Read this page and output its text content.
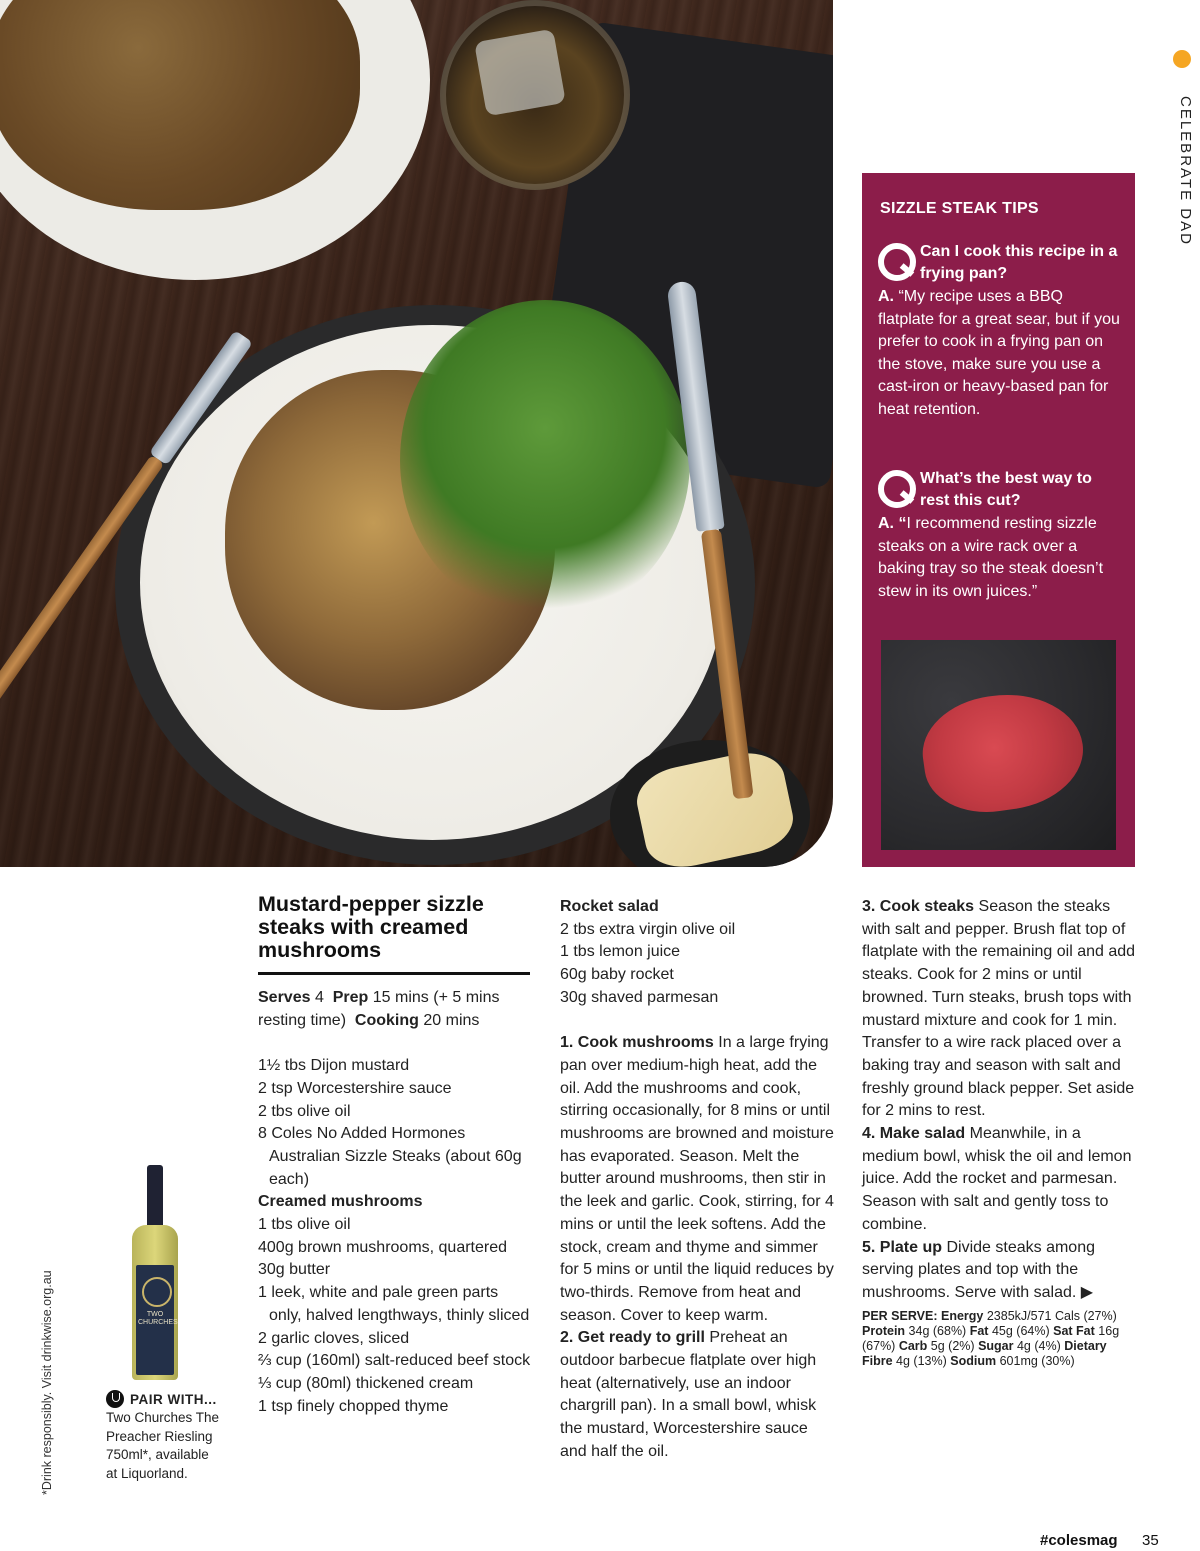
CELEBRATE DAD
*Drink responsibly. Visit drinkwise.org.au
SIZZLE STEAK TIPS
Can I cook this recipe in a frying pan?
A. “My recipe uses a BBQ flatplate for a great sear, but if you prefer to cook in a frying pan on the stove, make sure you use a cast-iron or heavy-based pan for heat retention.
What’s the best way to rest this cut?
A. “I recommend resting sizzle steaks on a wire rack over a baking tray so the steak doesn’t stew in its own juices.”
TWO CHURCHES
PAIR WITH...
Two Churches The
Preacher Riesling
750ml*, available
at Liquorland.
Mustard-pepper sizzle steaks with creamed mushrooms
Serves 4 Prep 15 mins (+ 5 mins resting time) Cooking 20 mins
1½ tbs Dijon mustard
2 tsp Worcestershire sauce
2 tbs olive oil
8 Coles No Added Hormones Australian Sizzle Steaks (about 60g each)
Creamed mushrooms
1 tbs olive oil
400g brown mushrooms, quartered
30g butter
1 leek, white and pale green parts only, halved lengthways, thinly sliced
2 garlic cloves, sliced
⅔ cup (160ml) salt-reduced beef stock
⅓ cup (80ml) thickened cream
1 tsp finely chopped thyme
Rocket salad
2 tbs extra virgin olive oil
1 tbs lemon juice
60g baby rocket
30g shaved parmesan
1. Cook mushrooms In a large frying pan over medium-high heat, add the oil. Add the mushrooms and cook, stirring occasionally, for 8 mins or until mushrooms are browned and moisture has evaporated. Season. Melt the butter around mushrooms, then stir in the leek and garlic. Cook, stirring, for 4 mins or until the leek softens. Add the stock, cream and thyme and simmer for 5 mins or until the liquid reduces by two-thirds. Remove from heat and season. Cover to keep warm.
2. Get ready to grill Preheat an outdoor barbecue flatplate over high heat (alternatively, use an indoor chargrill pan). In a small bowl, whisk the mustard, Worcestershire sauce and half the oil.
3. Cook steaks Season the steaks with salt and pepper. Brush flat top of flatplate with the remaining oil and add steaks. Cook for 2 mins or until browned. Turn steaks, brush tops with mustard mixture and cook for 1 min. Transfer to a wire rack placed over a baking tray and season with salt and freshly ground black pepper. Set aside for 2 mins to rest.
4. Make salad Meanwhile, in a medium bowl, whisk the oil and lemon juice. Add the rocket and parmesan. Season with salt and gently toss to combine.
5. Plate up Divide steaks among serving plates and top with the mushrooms. Serve with salad. ▶
PER SERVE: Energy 2385kJ/571 Cals (27%) Protein 34g (68%) Fat 45g (64%) Sat Fat 16g (67%) Carb 5g (2%) Sugar 4g (4%) Dietary Fibre 4g (13%) Sodium 601mg (30%)
#colesmag 35
